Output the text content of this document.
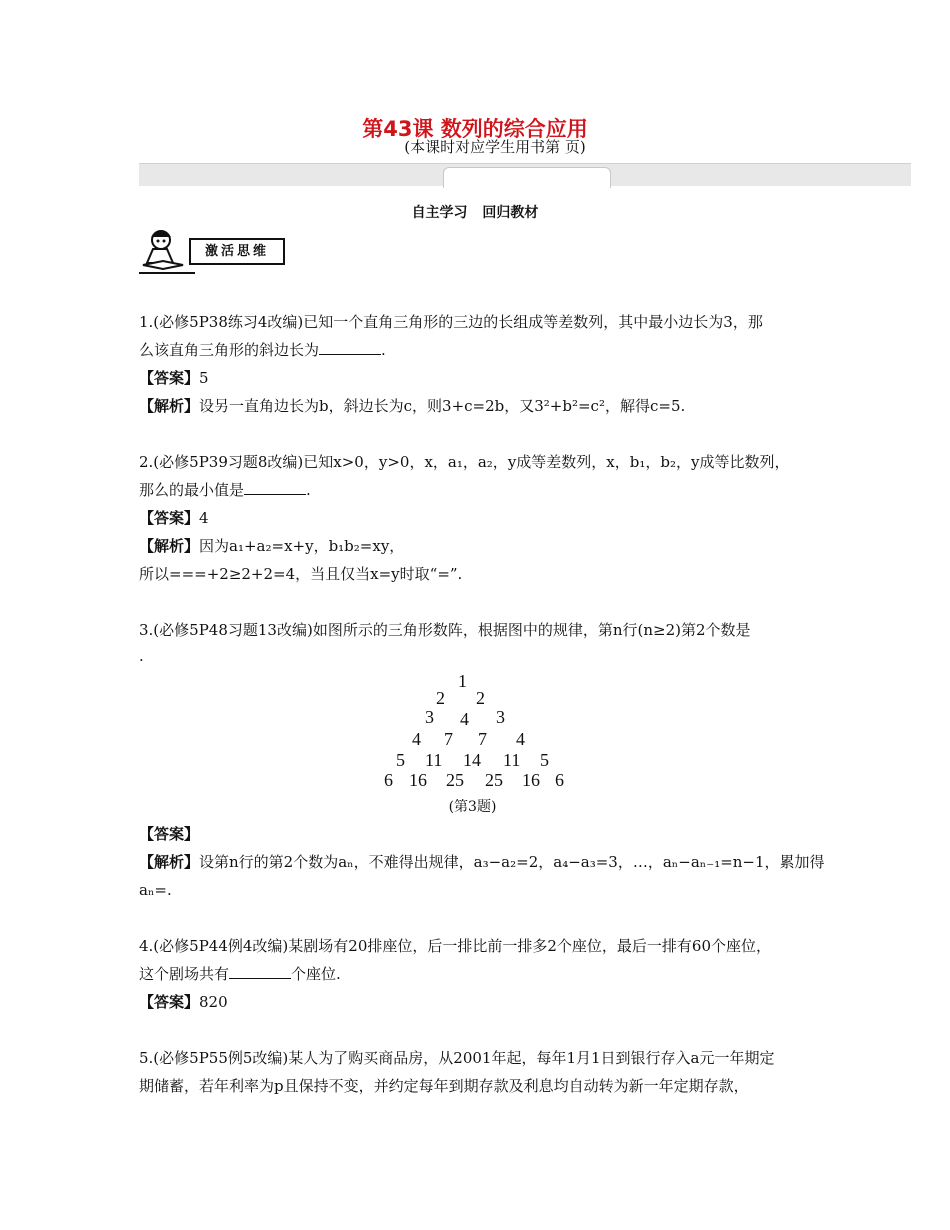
第43课 数列的综合应用
(本课时对应学生用书第 页)
自主学习 回归教材
激活思维
1.(必修5P38练习4改编)已知一个直角三角形的三边的长组成等差数列，其中最小边长为3，那
么该直角三角形的斜边长为	.
【答案】5
【解析】设另一直角边长为b，斜边长为c，则3+c=2b，又3²+b²=c²，解得c=5.
2.(必修5P39习题8改编)已知x>0，y>0，x，a₁，a₂，y成等差数列，x，b₁，b₂，y成等比数列，
那么的最小值是	.
【答案】4
【解析】因为a₁+a₂=x+y，b₁b₂=xy，
所以===+2≥2+2=4，当且仅当x=y时取“=”.
3.(必修5P48习题13改编)如图所示的三角形数阵，根据图中的规律，第n行(n≥2)第2个数是
.
1
2 2
3 4 3
4 7 7 4
5 11 14 11 5
6 16 25 25 16 6
(第3题)
【答案】
【解析】设第n行的第2个数为aₙ，不难得出规律，a₃−a₂=2，a₄−a₃=3，…，aₙ−aₙ₋₁=n−1，累加得
aₙ=.
4.(必修5P44例4改编)某剧场有20排座位，后一排比前一排多2个座位，最后一排有60个座位，
这个剧场共有	个座位.
【答案】820
5.(必修5P55例5改编)某人为了购买商品房，从2001年起，每年1月1日到银行存入a元一年期定
期储蓄，若年利率为p且保持不变，并约定每年到期存款及利息均自动转为新一年定期存款，
